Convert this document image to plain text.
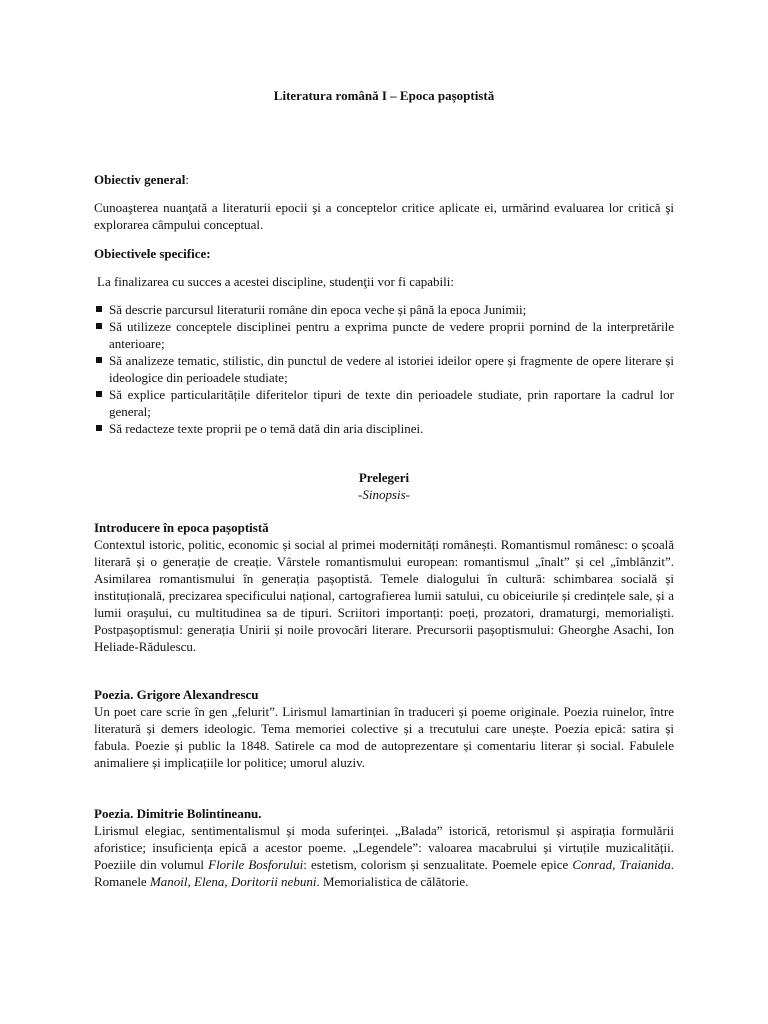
Literatura română I – Epoca pașoptistă
Obiectiv general:
Cunoaşterea nuanţată a literaturii epocii şi a conceptelor critice aplicate ei, urmărind evaluarea lor critică şi explorarea câmpului conceptual.
Obiectivele specifice:
La finalizarea cu succes a acestei discipline, studenţii vor fi capabili:
Să descrie parcursul literaturii române din epoca veche și până la epoca Junimii;
Să utilizeze conceptele disciplinei pentru a exprima puncte de vedere proprii pornind de la interpretările anterioare;
Să analizeze tematic, stilistic, din punctul de vedere al istoriei ideilor opere și fragmente de opere literare și ideologice din perioadele studiate;
Să explice particularitățile diferitelor tipuri de texte din perioadele studiate, prin raportare la cadrul lor general;
Să redacteze texte proprii pe o temă dată din aria disciplinei.
Prelegeri
-Sinopsis-
Introducere în epoca pașoptistă

Contextul istoric, politic, economic și social al primei modernități românești. Romantismul românesc: o școală literară și o generație de creație. Vârstele romantismului european: romantismul „înalt” și cel „îmblânzit”. Asimilarea romantismului în generația pașoptistă. Temele dialogului în cultură: schimbarea socială și instituțională, precizarea specificului național, cartografierea lumii satului, cu obiceiurile și credințele sale, și a lumii orașului, cu multitudinea sa de tipuri. Scriitori importanți: poeți, prozatori, dramaturgi, memorialiști. Postpașoptismul: generația Unirii și noile provocări literare. Precursorii pașoptismului: Gheorghe Asachi, Ion Heliade-Rădulescu.

Poezia. Grigore Alexandrescu

Un poet care scrie în gen „felurit”. Lirismul lamartinian în traduceri și poeme originale. Poezia ruinelor, între literatură și demers ideologic. Tema memoriei colective și a trecutului care unește. Poezia epică: satira și fabula. Poezie și public la 1848. Satirele ca mod de autoprezentare și comentariu literar și social. Fabulele animaliere și implicațiile lor politice; umorul aluziv.

Poezia. Dimitrie Bolintineanu.

Lirismul elegiac, sentimentalismul și moda suferinței. „Balada” istorică, retorismul și aspirația formulării aforistice; insuficiența epică a acestor poeme. „Legendele”: valoarea macabrului și virtuțile muzicalității. Poeziile din volumul Florile Bosforului: estetism, colorism și senzualitate. Poemele epice Conrad, Traianida. Romanele Manoil, Elena, Doritorii nebuni. Memorialistica de călătorie.
